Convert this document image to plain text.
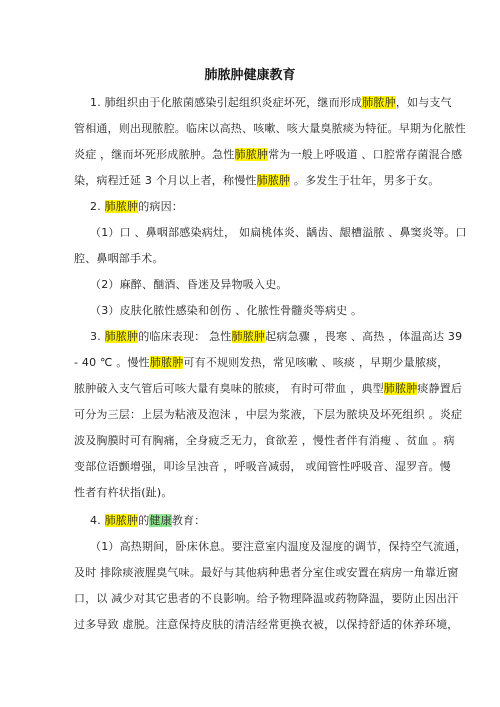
肺脓肿健康教育
1. 肺组织由于化脓菌感染引起组织炎症坏死，继而形成肺脓肿，如与支气
管相通，则出现脓腔。临床以高热、咳嗽、咳大量臭脓痰为特征。早期为化脓性
炎症 ，继而坏死形成脓肿。急性肺脓肿常为一般上呼吸道 、口腔常存菌混合感
染，病程迁延 3 个月以上者，称慢性肺脓肿 。多发生于壮年，男多于女。
2. 肺脓肿的病因：
（1）口 、鼻咽部感染病灶， 如扁桃体炎、龋齿、龈槽溢脓 、鼻窦炎等。口
腔、鼻咽部手术。
（2）麻醉、酗酒、昏迷及异物吸入史。
（3）皮肤化脓性感染和创伤 、化脓性骨髓炎等病史 。
3. 肺脓肿的临床表现： 急性肺脓肿起病急骤 ，畏寒 、高热 ，体温高达 39
- 40 ℃ 。慢性肺脓肿可有不规则发热，常见咳嗽 、咳痰 ，早期少量脓痰，
脓肿破入支气管后可咳大量有臭味的脓痰， 有时可带血 ，典型肺脓肿痰静置后
可分为三层：上层为粘液及泡沫 ，中层为浆液，下层为脓块及坏死组织 。炎症
波及胸膜时可有胸痛，全身疲乏无力，食欲差 ，慢性者伴有消瘦 、贫血 。病
变部位语颤增强，叩诊呈浊音 ，呼吸音减弱， 或闻管性呼吸音、湿罗音。慢
性者有杵状指(趾)。
4. 肺脓肿的健康教育：
（1）高热期间，卧床休息。要注意室内温度及湿度的调节，保持空气流通，
及时 排除痰液腥臭气味。最好与其他病种患者分室住或安置在病房一角靠近窗
口，以 减少对其它患者的不良影响。给予物理降温或药物降温，要防止因出汗
过多导致 虚脱。注意保持皮肤的清洁经常更换衣被，以保持舒适的休养环境，
